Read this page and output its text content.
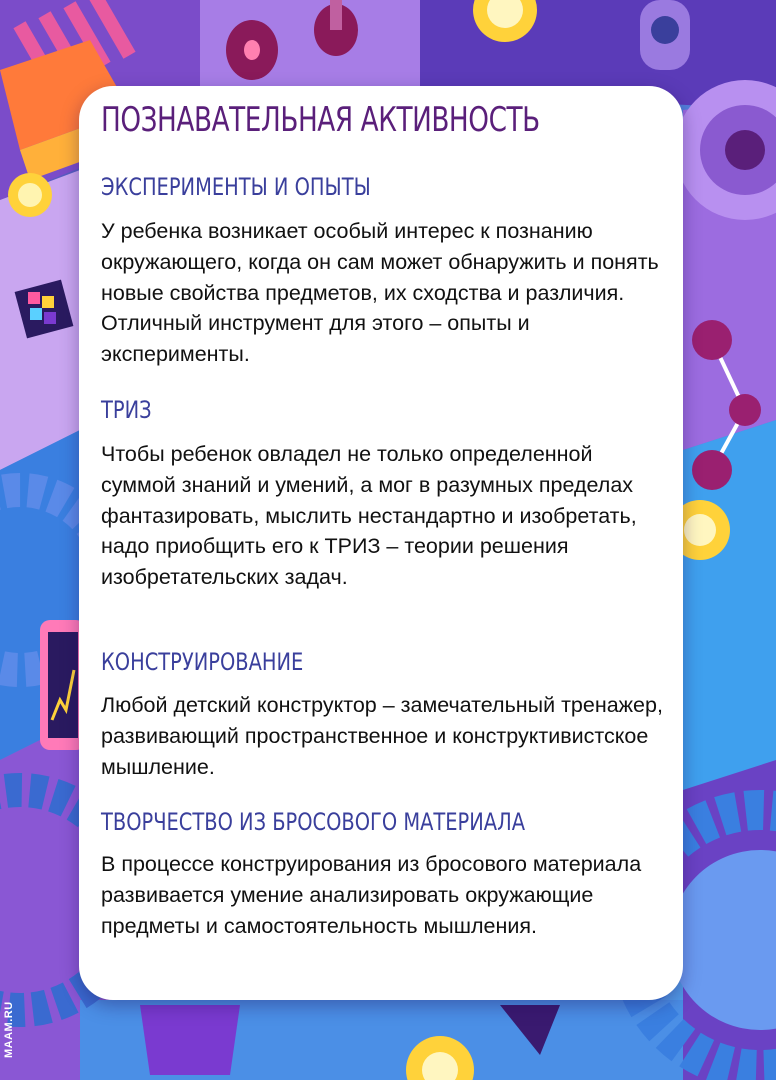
ПОЗНАВАТЕЛЬНАЯ АКТИВНОСТЬ
ЭКСПЕРИМЕНТЫ И ОПЫТЫ

У ребенка возникает особый интерес к познанию окружающего, когда он сам может обнаружить и понять новые свойства предметов, их сходства и различия. Отличный инструмент для этого – опыты и эксперименты.

ТРИЗ

Чтобы ребенок овладел не только определенной суммой знаний и умений, а мог в разумных пределах фантазировать, мыслить нестандартно и изобретать, надо приобщить его к ТРИЗ – теории решения изобретательских задач.

КОНСТРУИРОВАНИЕ

Любой детский конструктор – замечательный тренажер, развивающий пространственное и конструктивистское мышление.

ТВОРЧЕСТВО ИЗ БРОСОВОГО МАТЕРИАЛА

В процессе конструирования из бросового материала развивается умение анализировать окружающие предметы и самостоятельность мышления.

MAAM.RU
